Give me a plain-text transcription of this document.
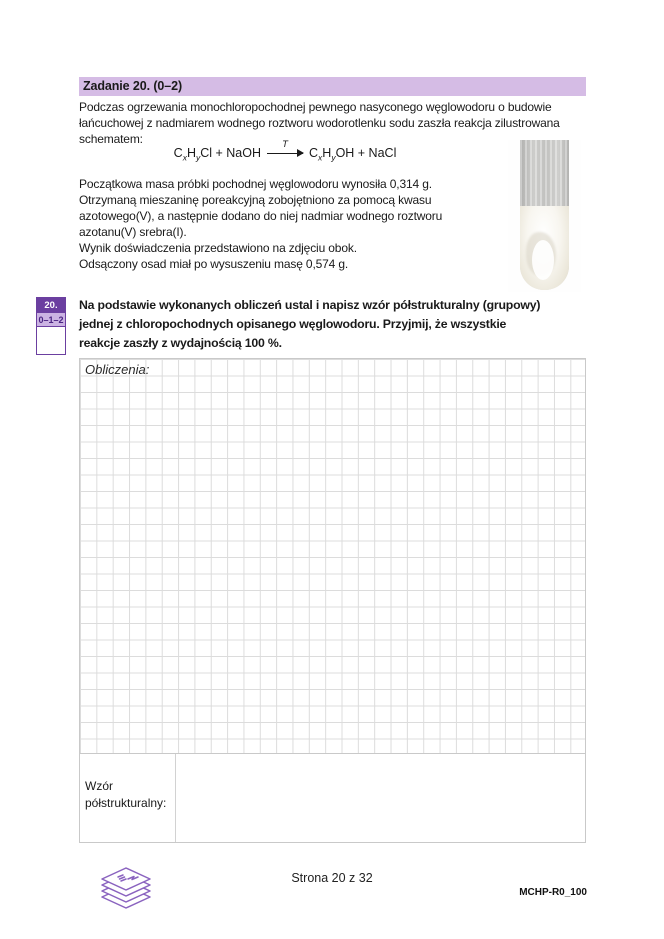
Zadanie 20. (0–2)
Podczas ogrzewania monochloropochodnej pewnego nasyconego węglowodoru o budowie
łańcuchowej z nadmiarem wodnego roztworu wodorotlenku sodu zaszła reakcja zilustrowana
schematem:
$C_xH_yCl$ + NaOH
T
$C_xH_yOH$ + NaCl
Początkowa masa próbki pochodnej węglowodoru wynosiła 0,314 g.
Otrzymaną mieszaninę poreakcyjną zobojętniono za pomocą kwasu
azotowego(V), a następnie dodano do niej nadmiar wodnego roztworu
azotanu(V) srebra(I).
Wynik doświadczenia przedstawiono na zdjęciu obok.
Odsączony osad miał po wysuszeniu masę 0,574 g.
20.
0–1–2
Na podstawie wykonanych obliczeń ustal i napisz wzór półstrukturalny (grupowy)
jednej z chloropochodnych opisanego węglowodoru. Przyjmij, że wszystkie
reakcje zaszły z wydajnością 100 %.
Obliczenia:
Wzór półstrukturalny:
Strona 20 z 32
MCHP-R0_100
